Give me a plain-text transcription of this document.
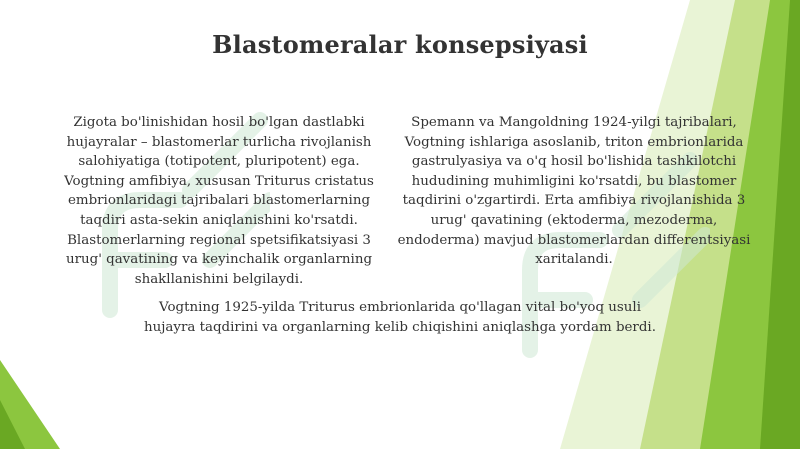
Blastomeralar konsepsiyasi
Zigota bo'linishidan hosil bo'lgan dastlabki hujayralar – blastomerlar turlicha rivojlanish salohiyatiga (totipotent, pluripotent) ega. Vogtning amfibiya, xususan Triturus cristatus embrionlaridagi tajribalari blastomerlarning taqdiri asta-sekin aniqlanishini ko'rsatdi. Blastomerlarning regional spetsifikatsiyasi 3 urug' qavatining va keyinchalik organlarning shakllanishini belgilaydi.
Spemann va Mangoldning 1924-yilgi tajribalari, Vogtning ishlariga asoslanib, triton embrionlarida gastrulyasiya va o'q hosil bo'lishida tashkilotchi hududining muhimligini ko'rsatdi, bu blastomer taqdirini o'zgartirdi. Erta amfibiya rivojlanishida 3 urug' qavatining (ektoderma, mezoderma, endoderma) mavjud blastomerlardan differentsiyasi xaritalandi.
Vogtning 1925-yilda Triturus embrionlarida qo'llagan vital bo'yoq usuli hujayra taqdirini va organlarning kelib chiqishini aniqlashga yordam berdi.
